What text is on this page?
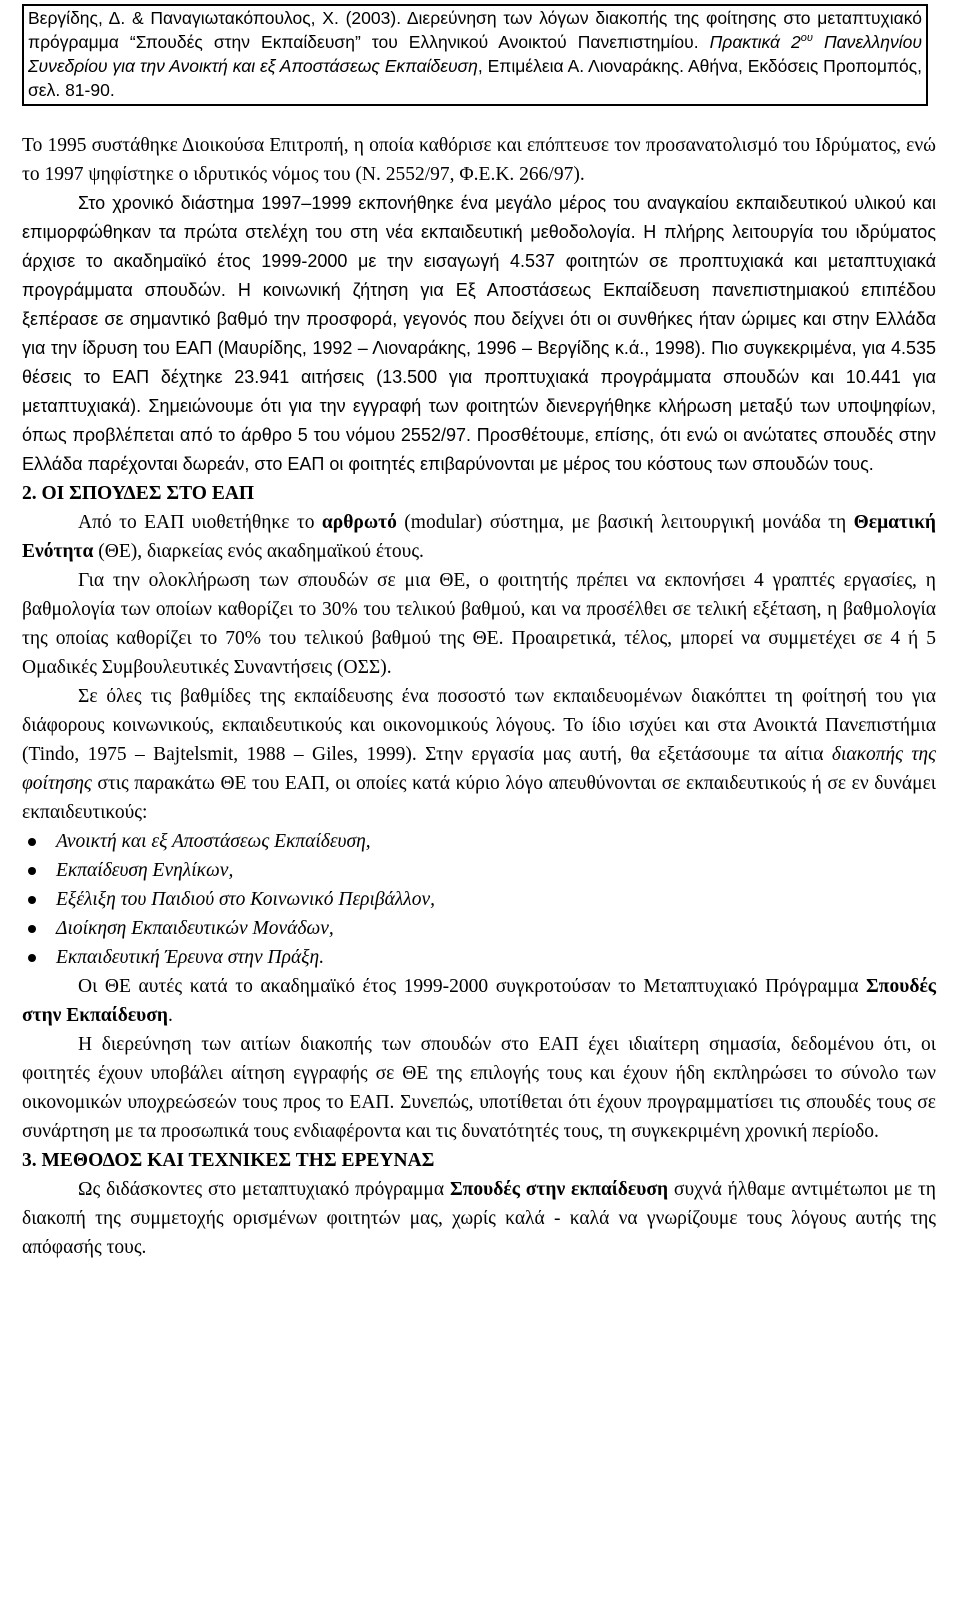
Βεργίδης, Δ. & Παναγιωτακόπουλος, Χ. (2003). Διερεύνηση των λόγων διακοπής της φοίτησης στο μεταπτυχιακό πρόγραμμα “Σπουδές στην Εκπαίδευση” του Ελληνικού Ανοικτού Πανεπιστημίου. Πρακτικά $2^{o\upsilon}$ Πανελληνίου Συνεδρίου για την Ανοικτή και εξ Αποστάσεως Εκπαίδευση, Επιμέλεια Α. Λιοναράκης. Αθήνα, Εκδόσεις Προπομπός, σελ. 81-90.

Το 1995 συστάθηκε Διοικούσα Επιτροπή, η οποία καθόρισε και επόπτευσε τον προσανατολισμό του Ιδρύματος, ενώ το 1997 ψηφίστηκε ο ιδρυτικός νόμος του (Ν. 2552/97, Φ.Ε.Κ. 266/97).

Στο χρονικό διάστημα 1997–1999 εκπονήθηκε ένα μεγάλο μέρος του αναγκαίου εκπαιδευτικού υλικού και επιμορφώθηκαν τα πρώτα στελέχη του στη νέα εκπαιδευτική μεθοδολογία. Η πλήρης λειτουργία του ιδρύματος άρχισε το ακαδημαϊκό έτος 1999-2000 με την εισαγωγή 4.537 φοιτητών σε προπτυχιακά και μεταπτυχιακά προγράμματα σπουδών. Η κοινωνική ζήτηση για Εξ Αποστάσεως Εκπαίδευση πανεπιστημιακού επιπέδου ξεπέρασε σε σημαντικό βαθμό την προσφορά, γεγονός που δείχνει ότι οι συνθήκες ήταν ώριμες και στην Ελλάδα για την ίδρυση του ΕΑΠ (Μαυρίδης, 1992 – Λιοναράκης, 1996 – Βεργίδης κ.ά., 1998). Πιο συγκεκριμένα, για 4.535 θέσεις το ΕΑΠ δέχτηκε 23.941 αιτήσεις (13.500 για προπτυχιακά προγράμματα σπουδών και 10.441 για μεταπτυχιακά). Σημειώνουμε ότι για την εγγραφή των φοιτητών διενεργήθηκε κλήρωση μεταξύ των υποψηφίων, όπως προβλέπεται από το άρθρο 5 του νόμου 2552/97. Προσθέτουμε, επίσης, ότι ενώ οι ανώτατες σπουδές στην Ελλάδα παρέχονται δωρεάν, στο ΕΑΠ οι φοιτητές επιβαρύνονται με μέρος του κόστους των σπουδών τους.

2. ΟΙ ΣΠΟΥΔΕΣ ΣΤΟ ΕΑΠ

Από το ΕΑΠ υιοθετήθηκε το αρθρωτό (modular) σύστημα, με βασική λειτουργική μονάδα τη Θεματική Ενότητα (ΘΕ), διαρκείας ενός ακαδημαϊκού έτους.

Για την ολοκλήρωση των σπουδών σε μια ΘΕ, ο φοιτητής πρέπει να εκπονήσει 4 γραπτές εργασίες, η βαθμολογία των οποίων καθορίζει το 30% του τελικού βαθμού, και να προσέλθει σε τελική εξέταση, η βαθμολογία της οποίας καθορίζει το 70% του τελικού βαθμού της ΘΕ. Προαιρετικά, τέλος, μπορεί να συμμετέχει σε 4 ή 5 Ομαδικές Συμβουλευτικές Συναντήσεις (ΟΣΣ).

Σε όλες τις βαθμίδες της εκπαίδευσης ένα ποσοστό των εκπαιδευομένων διακόπτει τη φοίτησή του για διάφορους κοινωνικούς, εκπαιδευτικούς και οικονομικούς λόγους. Το ίδιο ισχύει και στα Ανοικτά Πανεπιστήμια (Tindo, 1975 – Bajtelsmit, 1988 – Giles, 1999). Στην εργασία μας αυτή, θα εξετάσουμε τα αίτια διακοπής της φοίτησης στις παρακάτω ΘΕ του ΕΑΠ, οι οποίες κατά κύριο λόγο απευθύνονται σε εκπαιδευτικούς ή σε εν δυνάμει εκπαιδευτικούς:

Ανοικτή και εξ Αποστάσεως Εκπαίδευση,
Εκπαίδευση Ενηλίκων,
Εξέλιξη του Παιδιού στο Κοινωνικό Περιβάλλον,
Διοίκηση Εκπαιδευτικών Μονάδων,
Εκπαιδευτική Έρευνα στην Πράξη.

Οι ΘΕ αυτές κατά το ακαδημαϊκό έτος 1999-2000 συγκροτούσαν το Μεταπτυχιακό Πρόγραμμα Σπουδές στην Εκπαίδευση.

Η διερεύνηση των αιτίων διακοπής των σπουδών στο ΕΑΠ έχει ιδιαίτερη σημασία, δεδομένου ότι, οι φοιτητές έχουν υποβάλει αίτηση εγγραφής σε ΘΕ της επιλογής τους και έχουν ήδη εκπληρώσει το σύνολο των οικονομικών υποχρεώσεών τους προς το ΕΑΠ. Συνεπώς, υποτίθεται ότι έχουν προγραμματίσει τις σπουδές τους σε συνάρτηση με τα προσωπικά τους ενδιαφέροντα και τις δυνατότητές τους, τη συγκεκριμένη χρονική περίοδο.

3. ΜΕΘΟΔΟΣ ΚΑΙ ΤΕΧΝΙΚΕΣ ΤΗΣ ΕΡΕΥΝΑΣ

Ως διδάσκοντες στο μεταπτυχιακό πρόγραμμα Σπουδές στην εκπαίδευση συχνά ήλθαμε αντιμέτωποι με τη διακοπή της συμμετοχής ορισμένων φοιτητών μας, χωρίς καλά - καλά να γνωρίζουμε τους λόγους αυτής της απόφασής τους.
